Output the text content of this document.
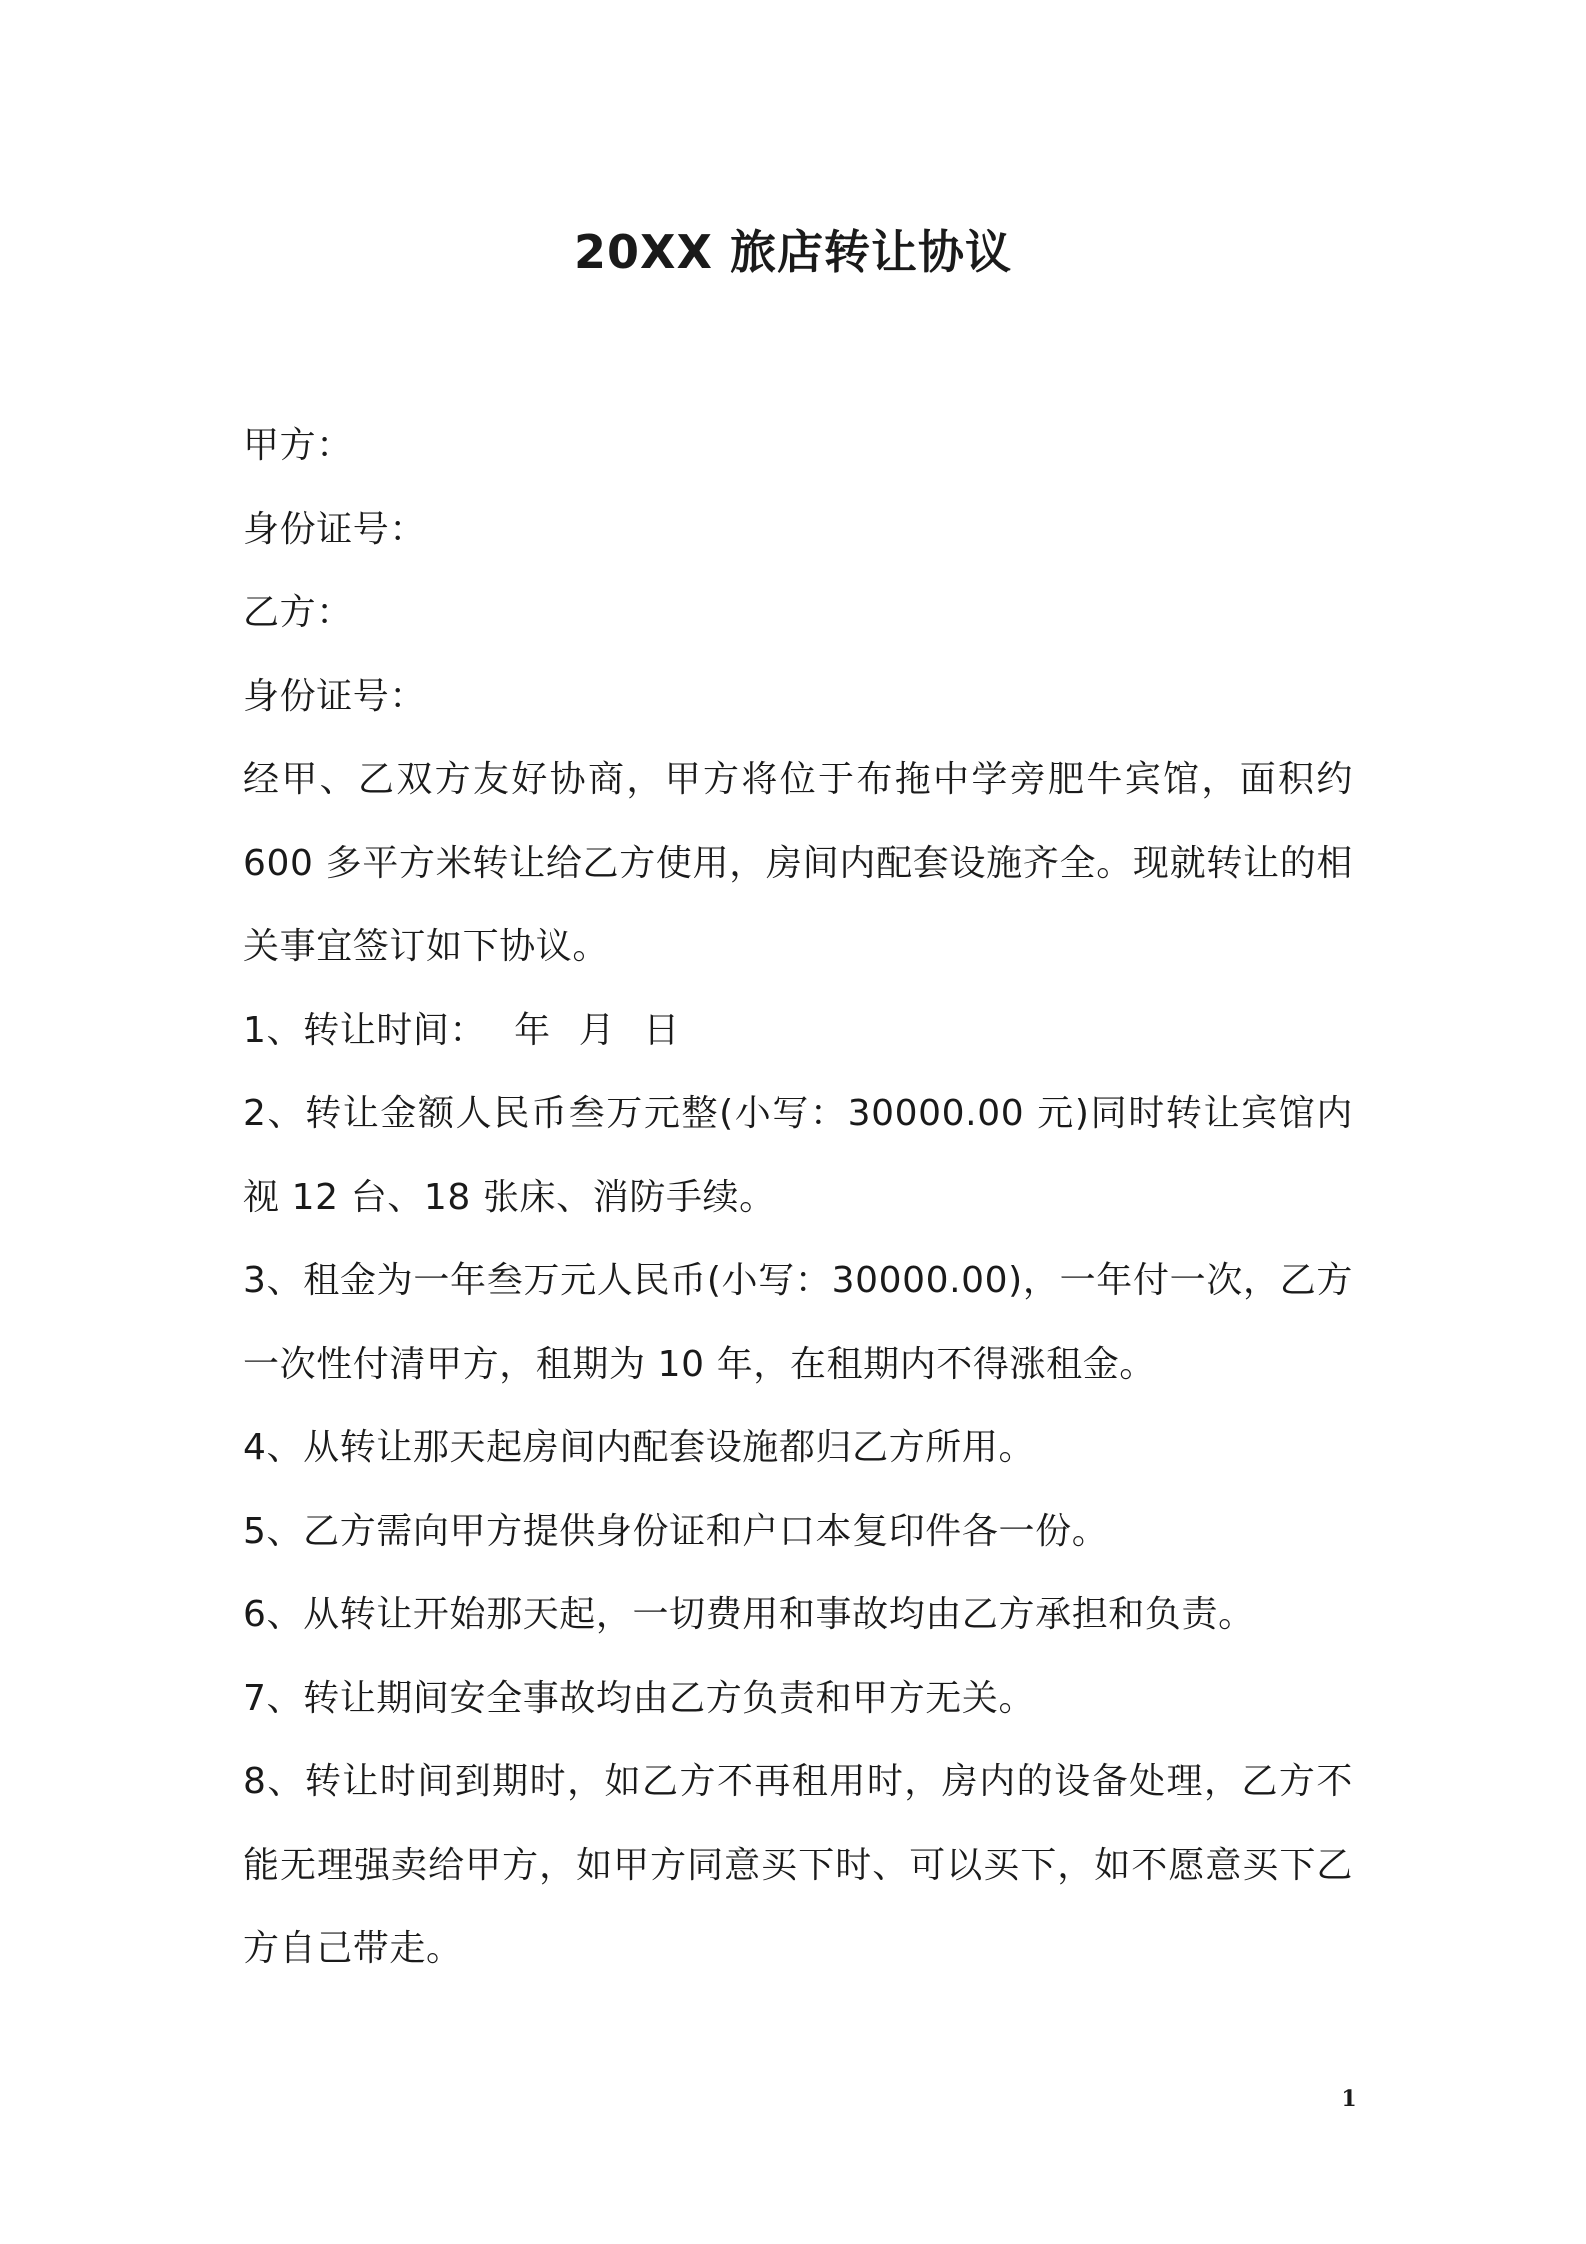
20XX 旅店转让协议
甲方：
身份证号：
乙方：
身份证号：
经甲、乙双方友好协商，甲方将位于布拖中学旁肥牛宾馆，面积约
600 多平方米转让给乙方使用，房间内配套设施齐全。现就转让的相
关事宜签订如下协议。
1、转让时间： 年 月 日
2、转让金额人民币叁万元整(小写：30000.00 元)同时转让宾馆内
视 12 台、18 张床、消防手续。
3、租金为一年叁万元人民币(小写：30000.00)，一年付一次，乙方
一次性付清甲方，租期为 10 年，在租期内不得涨租金。
4、从转让那天起房间内配套设施都归乙方所用。
5、乙方需向甲方提供身份证和户口本复印件各一份。
6、从转让开始那天起，一切费用和事故均由乙方承担和负责。
7、转让期间安全事故均由乙方负责和甲方无关。
8、转让时间到期时，如乙方不再租用时，房内的设备处理，乙方不
能无理强卖给甲方，如甲方同意买下时、可以买下，如不愿意买下乙
方自己带走。
1
